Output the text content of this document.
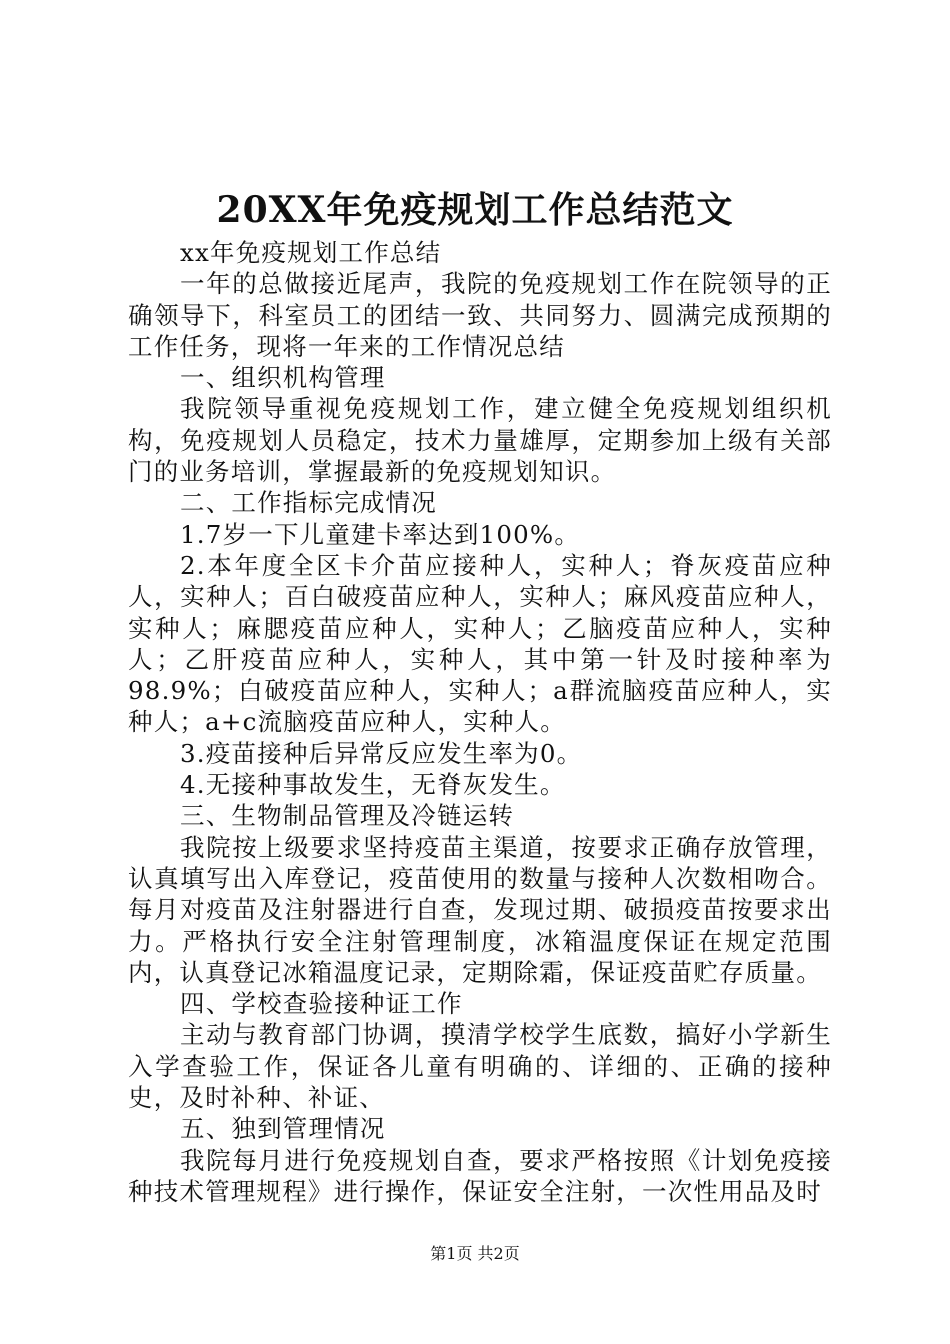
20XX年免疫规划工作总结范文

xx年免疫规划工作总结

一年的总做接近尾声，我院的免疫规划工作在院领导的正确领导下，科室员工的团结一致、共同努力、圆满完成预期的工作任务，现将一年来的工作情况总结

一、组织机构管理

我院领导重视免疫规划工作，建立健全免疫规划组织机构，免疫规划人员稳定，技术力量雄厚，定期参加上级有关部门的业务培训，掌握最新的免疫规划知识。

二、工作指标完成情况

1.7岁一下儿童建卡率达到100%。

2.本年度全区卡介苗应接种人，实种人；脊灰疫苗应种人，实种人；百白破疫苗应种人，实种人；麻风疫苗应种人，实种人；麻腮疫苗应种人，实种人；乙脑疫苗应种人，实种人；乙肝疫苗应种人，实种人，其中第一针及时接种率为98.9%；白破疫苗应种人，实种人；a群流脑疫苗应种人，实种人；a+c流脑疫苗应种人，实种人。

3.疫苗接种后异常反应发生率为0。

4.无接种事故发生，无脊灰发生。

三、生物制品管理及冷链运转

我院按上级要求坚持疫苗主渠道，按要求正确存放管理，认真填写出入库登记，疫苗使用的数量与接种人次数相吻合。每月对疫苗及注射器进行自查，发现过期、破损疫苗按要求出力。严格执行安全注射管理制度，冰箱温度保证在规定范围内，认真登记冰箱温度记录，定期除霜，保证疫苗贮存质量。

四、学校查验接种证工作

主动与教育部门协调，摸清学校学生底数，搞好小学新生入学查验工作，保证各儿童有明确的、详细的、正确的接种史，及时补种、补证、

五、独到管理情况

我院每月进行免疫规划自查，要求严格按照《计划免疫接种技术管理规程》进行操作，保证安全注射，一次性用品及时

第1页 共2页
